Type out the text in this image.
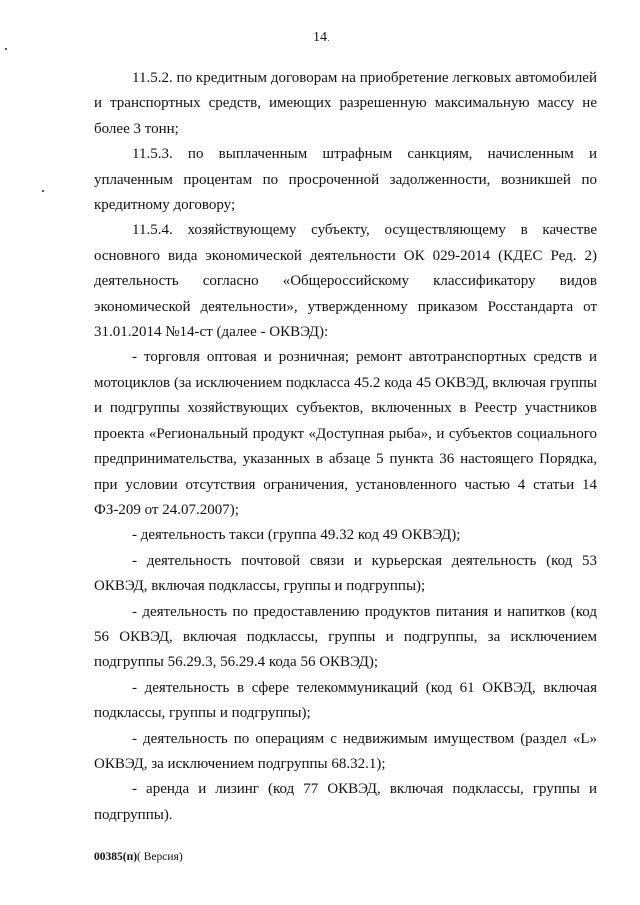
14

11.5.2. по кредитным договорам на приобретение легковых автомобилей и транспортных средств, имеющих разрешенную максимальную массу не более 3 тонн;

11.5.3. по выплаченным штрафным санкциям, начисленным и уплаченным процентам по просроченной задолженности, возникшей по кредитному договору;

11.5.4. хозяйствующему субъекту, осуществляющему в качестве основного вида экономической деятельности ОК 029-2014 (КДЕС Ред. 2) деятельность согласно «Общероссийскому классификатору видов экономической деятельности», утвержденному приказом Росстандарта от 31.01.2014 №14-ст (далее - ОКВЭД):

- торговля оптовая и розничная; ремонт автотранспортных средств и мотоциклов (за исключением подкласса 45.2 кода 45 ОКВЭД, включая группы и подгруппы хозяйствующих субъектов, включенных в Реестр участников проекта «Региональный продукт «Доступная рыба», и субъектов социального предпринимательства, указанных в абзаце 5 пункта 36 настоящего Порядка, при условии отсутствия ограничения, установленного частью 4 статьи 14 ФЗ-209 от 24.07.2007);

- деятельность такси (группа 49.32 код 49 ОКВЭД);

- деятельность почтовой связи и курьерская деятельность (код 53 ОКВЭД, включая подклассы, группы и подгруппы);

- деятельность по предоставлению продуктов питания и напитков (код 56 ОКВЭД, включая подклассы, группы и подгруппы, за исключением подгруппы 56.29.3, 56.29.4 кода 56 ОКВЭД);

- деятельность в сфере телекоммуникаций (код 61 ОКВЭД, включая подклассы, группы и подгруппы);

- деятельность по операциям с недвижимым имуществом (раздел «L» ОКВЭД, за исключением подгруппы 68.32.1);

- аренда и лизинг (код 77 ОКВЭД, включая подклассы, группы и подгруппы).

00385(п)( Версия)
